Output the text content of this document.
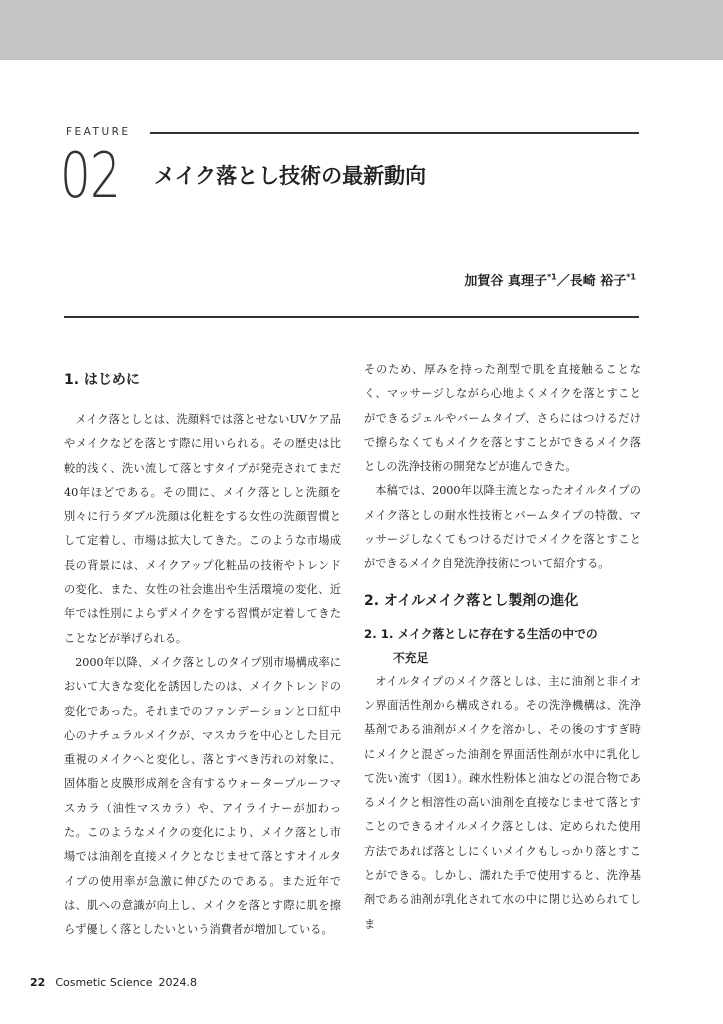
FEATURE
02 メイク落とし技術の最新動向
加賀谷 真理子$^{*1}$／長崎 裕子$^{*1}$
1. はじめに

メイク落としとは、洗顔料では落とせないUVケア品やメイクなどを落とす際に用いられる。その歴史は比較的浅く、洗い流して落とすタイプが発売されてまだ40年ほどである。その間に、メイク落としと洗顔を別々に行うダブル洗顔は化粧をする女性の洗顔習慣として定着し、市場は拡大してきた。このような市場成長の背景には、メイクアップ化粧品の技術やトレンドの変化、また、女性の社会進出や生活環境の変化、近年では性別によらずメイクをする習慣が定着してきたことなどが挙げられる。

2000年以降、メイク落としのタイプ別市場構成率において大きな変化を誘因したのは、メイクトレンドの変化であった。それまでのファンデーションと口紅中心のナチュラルメイクが、マスカラを中心とした目元重視のメイクへと変化し、落とすべき汚れの対象に、固体脂と皮膜形成剤を含有するウォータープルーフマスカラ（油性マスカラ）や、アイライナーが加わった。このようなメイクの変化により、メイク落とし市場では油剤を直接メイクとなじませて落とすオイルタイプの使用率が急激に伸びたのである。また近年では、肌への意識が向上し、メイクを落とす際に肌を擦らず優しく落としたいという消費者が増加している。

そのため、厚みを持った剤型で肌を直接触ることなく、マッサージしながら心地よくメイクを落とすことができるジェルやバームタイプ、さらにはつけるだけで擦らなくてもメイクを落とすことができるメイク落としの洗浄技術の開発などが進んできた。

本稿では、2000年以降主流となったオイルタイプのメイク落としの耐水性技術とバームタイプの特徴、マッサージしなくてもつけるだけでメイクを落とすことができるメイク自発洗浄技術について紹介する。

2. オイルメイク落とし製剤の進化
2. 1. メイク落としに存在する生活の中での
不充足

オイルタイプのメイク落としは、主に油剤と非イオン界面活性剤から構成される。その洗浄機構は、洗浄基剤である油剤がメイクを溶かし、その後のすすぎ時にメイクと混ざった油剤を界面活性剤が水中に乳化して洗い流す（図1）。疎水性粉体と油などの混合物であるメイクと相溶性の高い油剤を直接なじませて落とすことのできるオイルメイク落としは、定められた使用方法であれば落としにくいメイクもしっかり落とすことができる。しかし、濡れた手で使用すると、洗浄基剤である油剤が乳化されて水の中に閉じ込められてしま

22 Cosmetic Science 2024.8
